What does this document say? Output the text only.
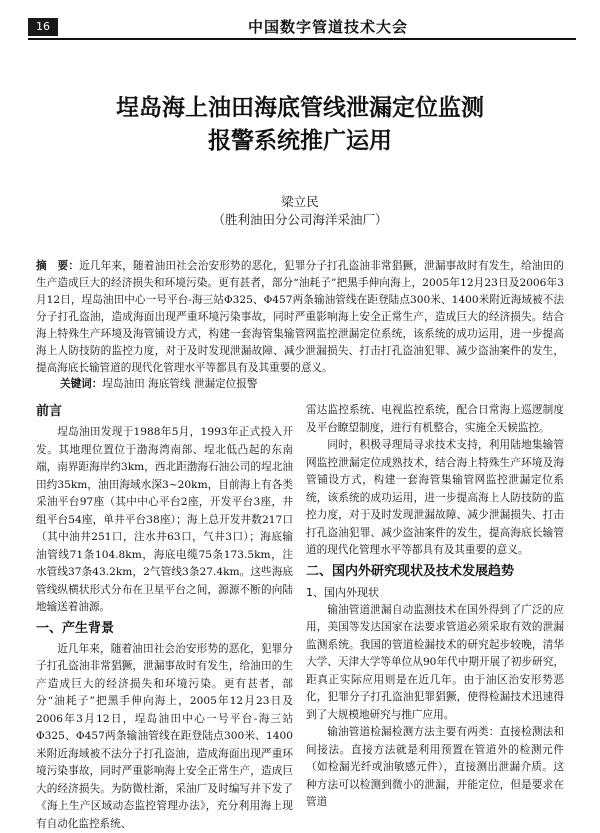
16	中国数字管道技术大会
埕岛海上油田海底管线泄漏定位监测
报警系统推广运用
梁立民
（胜利油田分公司海洋采油厂）
摘　要：近几年来，随着油田社会治安形势的恶化，犯罪分子打孔盗油非常猖獗，泄漏事故时有发生，给油田的生产造成巨大的经济损失和环境污染。更有甚者，部分“油耗子”把黑手伸向海上，2005年12月23日及2006年3月12日，埕岛油田中心一号平台-海三站Φ325、Φ457两条输油管线在距登陆点300米、1400米附近海域被不法分子打孔盗油，造成海面出现严重环境污染事故，同时严重影响海上安全正常生产，造成巨大的经济损失。结合海上特殊生产环境及海管铺设方式，构建一套海管集输管网监控泄漏定位系统，该系统的成功运用，进一步提高海上人防技防的监控力度，对于及时发现泄漏故障、减少泄漏损失、打击打孔盗油犯罪、减少盗油案件的发生，提高海底长输管道的现代化管理水平等都具有及其重要的意义。
关键词：埕岛油田 海底管线 泄漏定位报警
前言

埕岛油田发现于1988年5月，1993年正式投入开发。其地理位置位于渤海湾南部、埕北低凸起的东南端，南界距海岸约3km，西北距渤海石油公司的埕北油田约35km，油田海域水深3~20km，目前海上有各类采油平台97座（其中中心平台2座，开发平台3座，井组平台54座，单井平台38座）；海上总开发井数217口（其中油井251口，注水井63口，气井3口）；海底输油管线71条104.8km，海底电缆75条173.5km，注水管线37条43.2km，2气管线3条27.4km。这些海底管线纵横状形式分布在卫星平台之间，源源不断的向陆地输送着油源。

一、产生背景

近几年来，随着油田社会治安形势的恶化，犯罪分子打孔盗油非常猖獗，泄漏事故时有发生，给油田的生产造成巨大的经济损失和环境污染。更有甚者，部分“油耗子”把黑手伸向海上，2005年12月23日及2006年3月12日，埕岛油田中心一号平台-海三站Φ325、Φ457两条输油管线在距登陆点300米、1400米附近海域被不法分子打孔盗油，造成海面出现严重环境污染事故，同时严重影响海上安全正常生产，造成巨大的经济损失。为防微杜渐，采油厂及时编写并下发了《海上生产区域动态监控管理办法》，充分利用海上现有自动化监控系统、

雷达监控系统、电视监控系统，配合日常海上巡逻制度及平台瞭望制度，进行有机整合，实施全天候监控。

同时，积极寻理局寻求技术支持，利用陆地集输管网监控泄漏定位成熟技术，结合海上特殊生产环境及海管铺设方式，构建一套海管集输管网监控泄漏定位系统，该系统的成功运用，进一步提高海上人防技防的监控力度，对于及时发现泄漏故障、减少泄漏损失、打击打孔盗油犯罪、减少盗油案件的发生，提高海底长输管道的现代化管理水平等都具有及其重要的意义。

二、国内外研究现状及技术发展趋势
1、国内外现状

输油管道泄漏自动监测技术在国外得到了广泛的应用，美国等发达国家在法要求管道必须采取有效的泄漏监测系统。我国的管道检漏技术的研究起步较晚，清华大学、天津大学等单位从90年代中期开展了初步研究，距真正实际应用则是在近几年。由于油区治安形势恶化，犯罪分子打孔盗油犯罪猖獗，使得检漏技术迅速得到了大规模地研究与推广应用。

输油管道检漏检测方法主要有两类：直接检测法和间接法。直接方法就是利用预置在管道外的检测元件（如检漏光纤或油敏感元件），直接测出泄漏介质。这种方法可以检测到微小的泄漏，并能定位，但是要求在管道
